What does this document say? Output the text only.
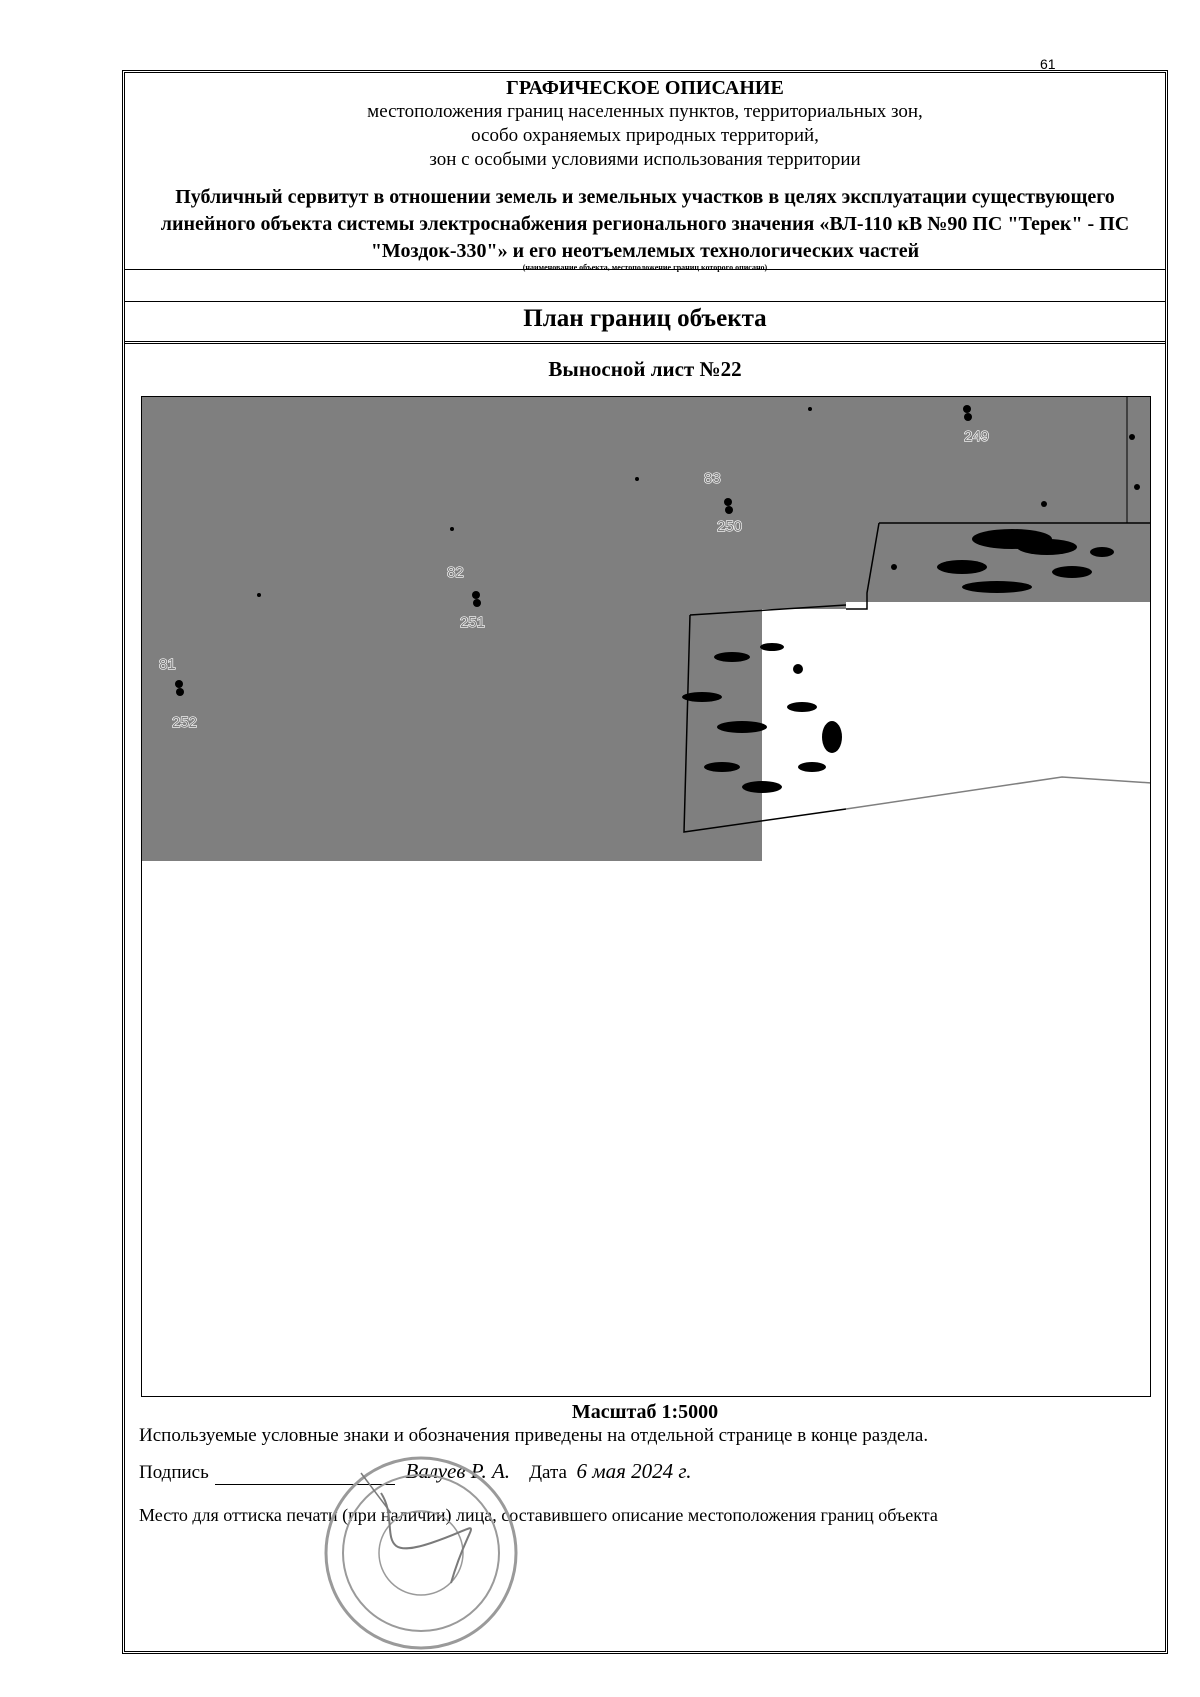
61
ГРАФИЧЕСКОЕ ОПИСАНИЕ
местоположения границ населенных пунктов, территориальных зон,
особо охраняемых природных территорий,
зон с особыми условиями использования территории
Публичный сервитут в отношении земель и земельных участков в целях эксплуатации существующего линейного объекта системы электроснабжения регионального значения «ВЛ-110 кВ №90 ПС "Терек" - ПС "Моздок-330"» и его неотъемлемых технологических частей
(наименование объекта, местоположение границ которого описано)
План границ объекта
Выносной лист №22
249
83
250
82
251
81
252
Масштаб 1:5000
Используемые условные знаки и обозначения приведены на отдельной странице в конце раздела.
Подпись	Валуев Р. А. Дата 6 мая 2024 г.
Место для оттиска печати (при наличии) лица, составившего описание местоположения границ объекта
